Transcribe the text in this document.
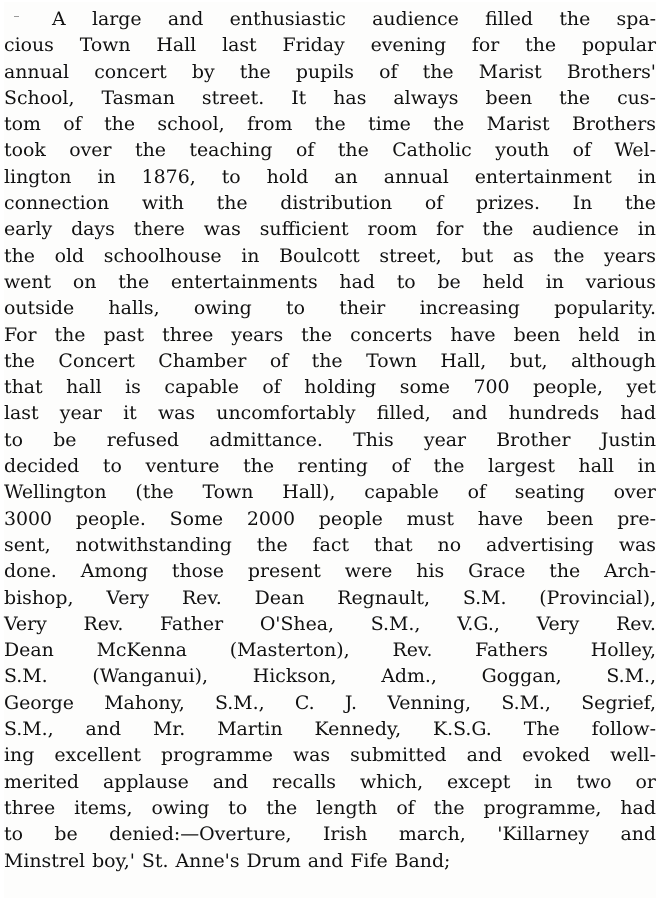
A large and enthusiastic audience filled the spa-
cious Town Hall last Friday evening for the popular
annual concert by the pupils of the Marist Brothers'
School, Tasman street. It has always been the cus-
tom of the school, from the time the Marist Brothers
took over the teaching of the Catholic youth of Wel-
lington in 1876, to hold an annual entertainment in
connection with the distribution of prizes. In the
early days there was sufficient room for the audience in
the old schoolhouse in Boulcott street, but as the years
went on the entertainments had to be held in various
outside halls, owing to their increasing popularity.
For the past three years the concerts have been held in
the Concert Chamber of the Town Hall, but, although
that hall is capable of holding some 700 people, yet
last year it was uncomfortably filled, and hundreds had
to be refused admittance. This year Brother Justin
decided to venture the renting of the largest hall in
Wellington (the Town Hall), capable of seating over
3000 people. Some 2000 people must have been pre-
sent, notwithstanding the fact that no advertising was
done. Among those present were his Grace the Arch-
bishop, Very Rev. Dean Regnault, S.M. (Provincial),
Very Rev. Father O'Shea, S.M., V.G., Very Rev.
Dean McKenna (Masterton), Rev. Fathers Holley,
S.M. (Wanganui), Hickson, Adm., Goggan, S.M.,
George Mahony, S.M., C. J. Venning, S.M., Segrief,
S.M., and Mr. Martin Kennedy, K.S.G. The follow-
ing excellent programme was submitted and evoked well-
merited applause and recalls which, except in two or
three items, owing to the length of the programme, had
to be denied:—Overture, Irish march, 'Killarney and
Minstrel boy,' St. Anne's Drum and Fife Band;
